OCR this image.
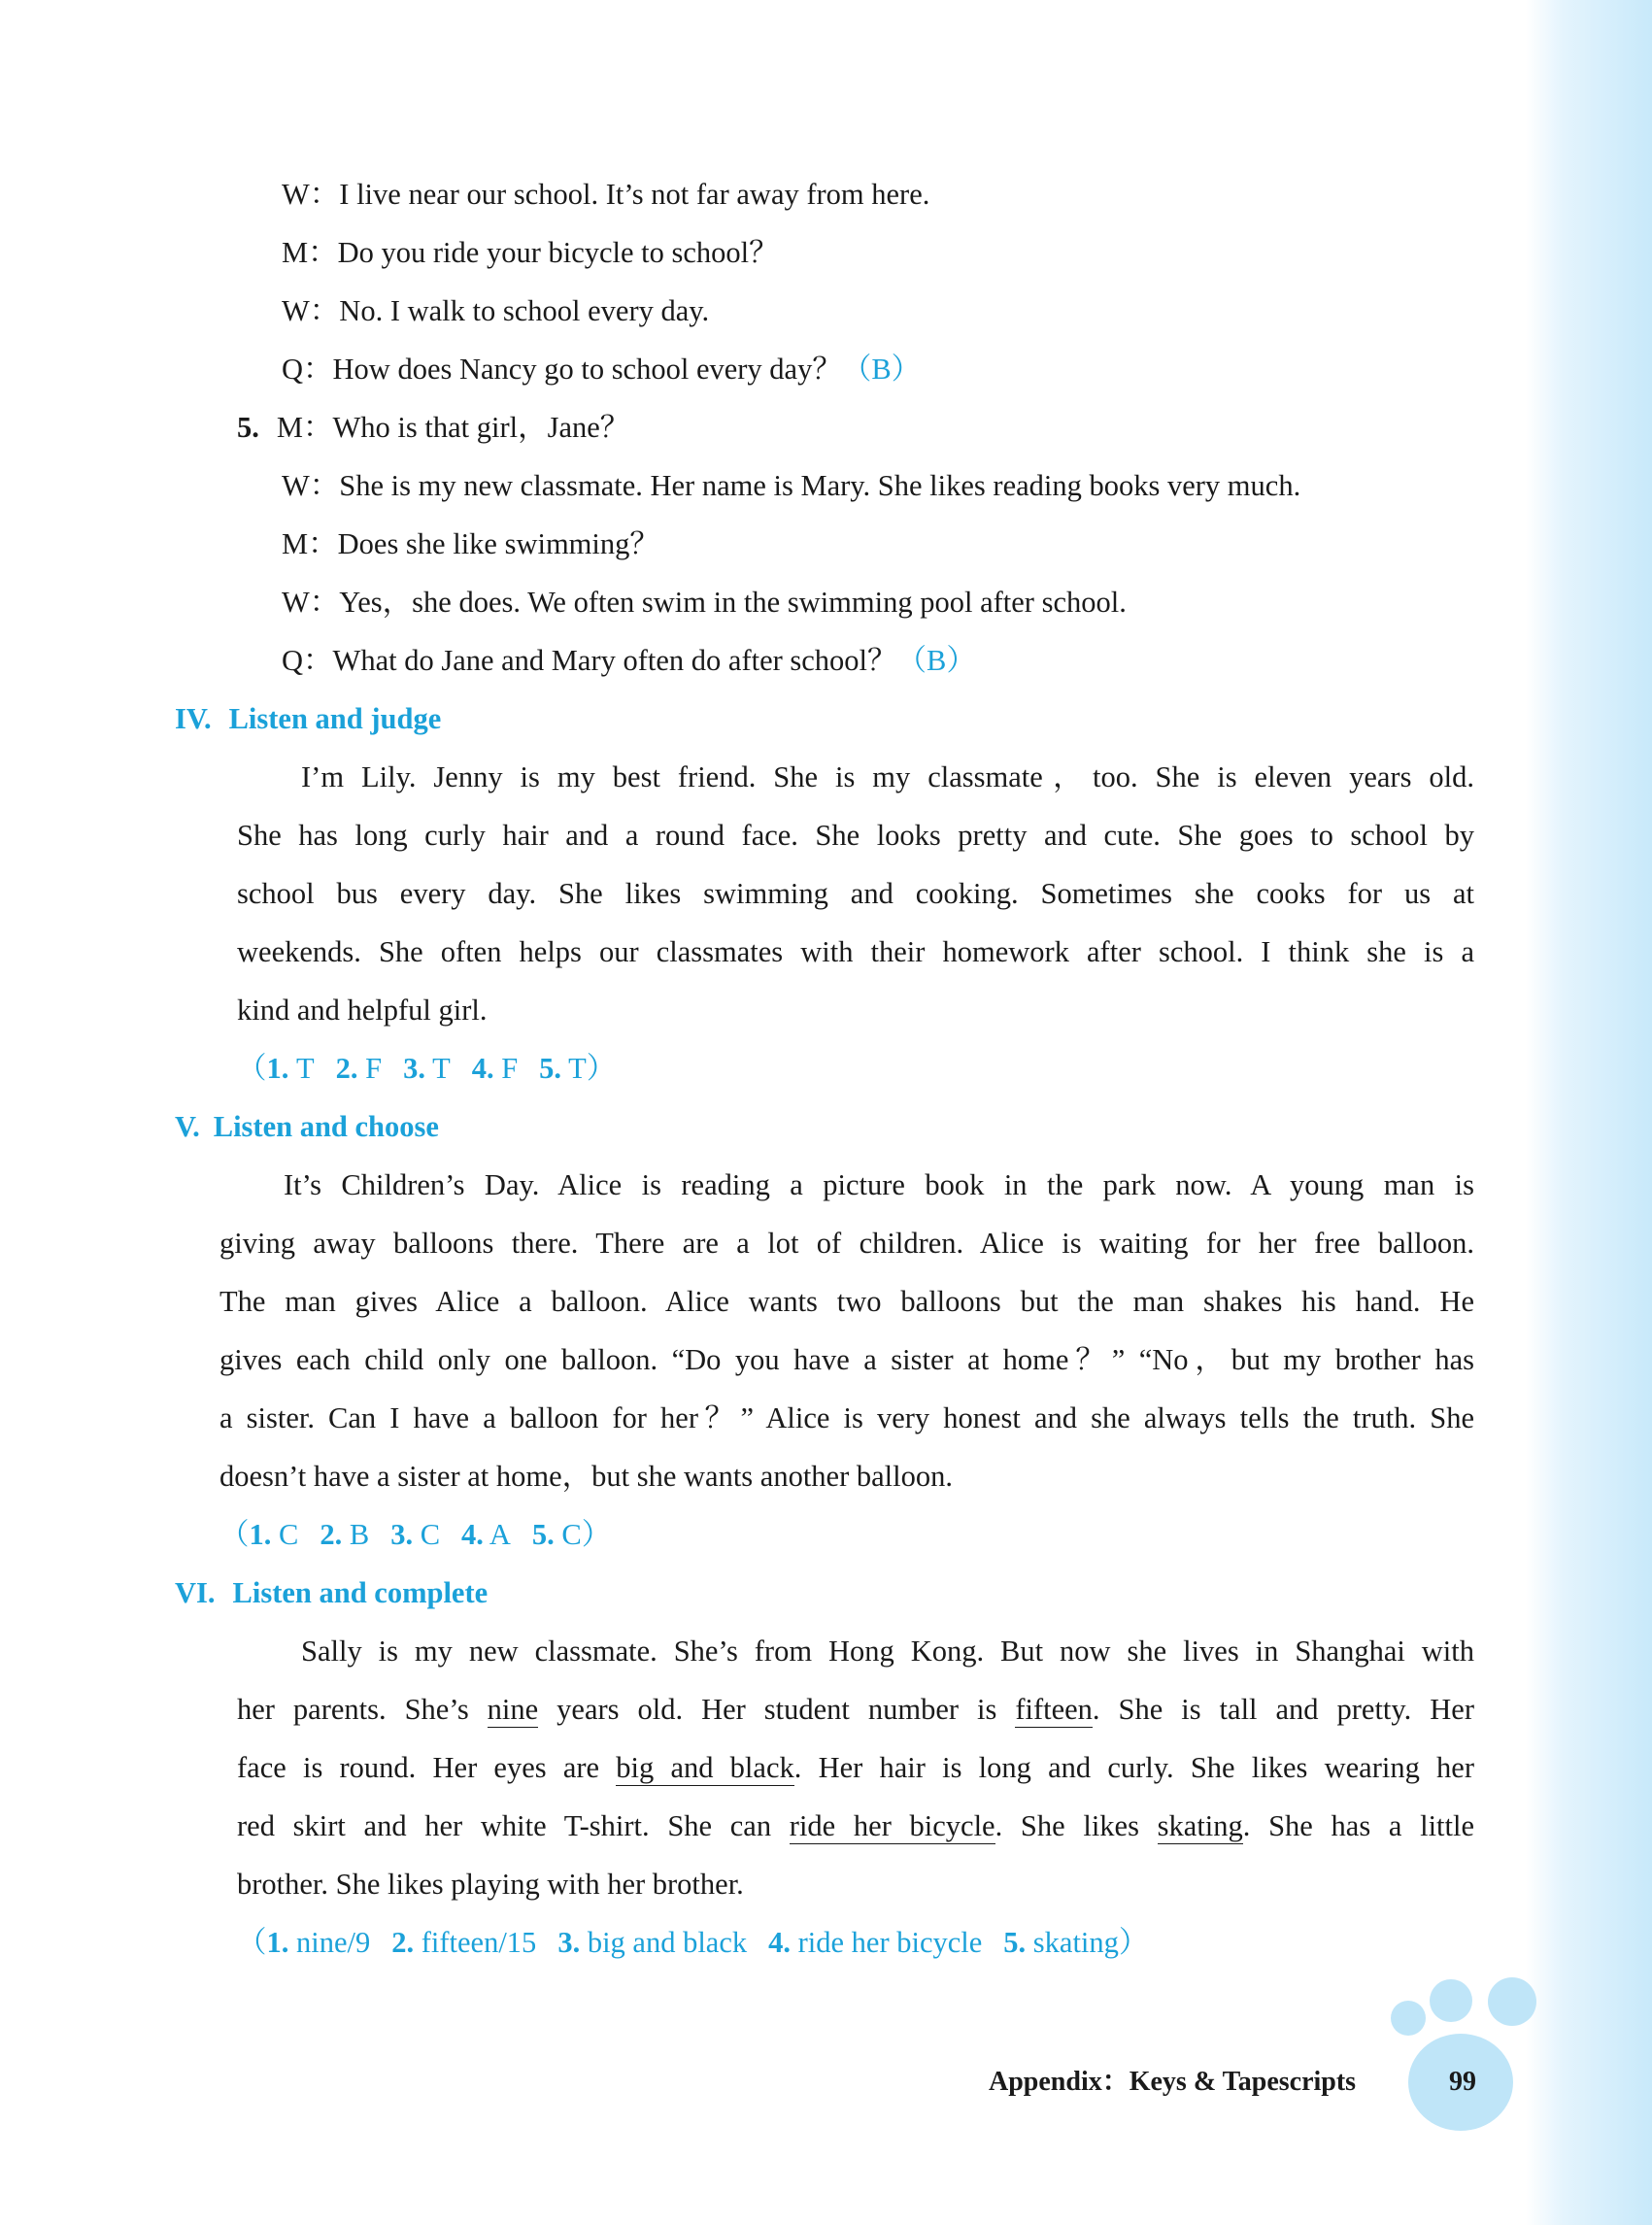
W：I live near our school. It’s not far away from here.
M：Do you ride your bicycle to school？
W：No. I walk to school every day.
Q：How does Nancy go to school every day？（B）
5. M：Who is that girl，Jane？
W：She is my new classmate. Her name is Mary. She likes reading books very much.
M：Does she like swimming？
W：Yes，she does. We often swim in the swimming pool after school.
Q：What do Jane and Mary often do after school？（B）
IV. Listen and judge
I’m Lily. Jenny is my best friend. She is my classmate，too. She is eleven years old.
She has long curly hair and a round face. She looks pretty and cute. She goes to school by
school bus every day. She likes swimming and cooking. Sometimes she cooks for us at
weekends. She often helps our classmates with their homework after school. I think she is a
kind and helpful girl.
（1. T 2. F 3. T 4. F 5. T）
V. Listen and choose
It’s Children’s Day. Alice is reading a picture book in the park now. A young man is
giving away balloons there. There are a lot of children. Alice is waiting for her free balloon.
The man gives Alice a balloon. Alice wants two balloons but the man shakes his hand. He
gives each child only one balloon. “Do you have a sister at home？” “No，but my brother has
a sister. Can I have a balloon for her？” Alice is very honest and she always tells the truth. She
doesn’t have a sister at home，but she wants another balloon.
（1. C 2. B 3. C 4. A 5. C）
VI. Listen and complete
Sally is my new classmate. She’s from Hong Kong. But now she lives in Shanghai with
her parents. She’s nine years old. Her student number is fifteen. She is tall and pretty. Her
face is round. Her eyes are big and black. Her hair is long and curly. She likes wearing her
red skirt and her white T-shirt. She can ride her bicycle. She likes skating. She has a little
brother. She likes playing with her brother.
（1. nine/9 2. fifteen/15 3. big and black 4. ride her bicycle 5. skating）
Appendix：Keys & Tapescripts	99
